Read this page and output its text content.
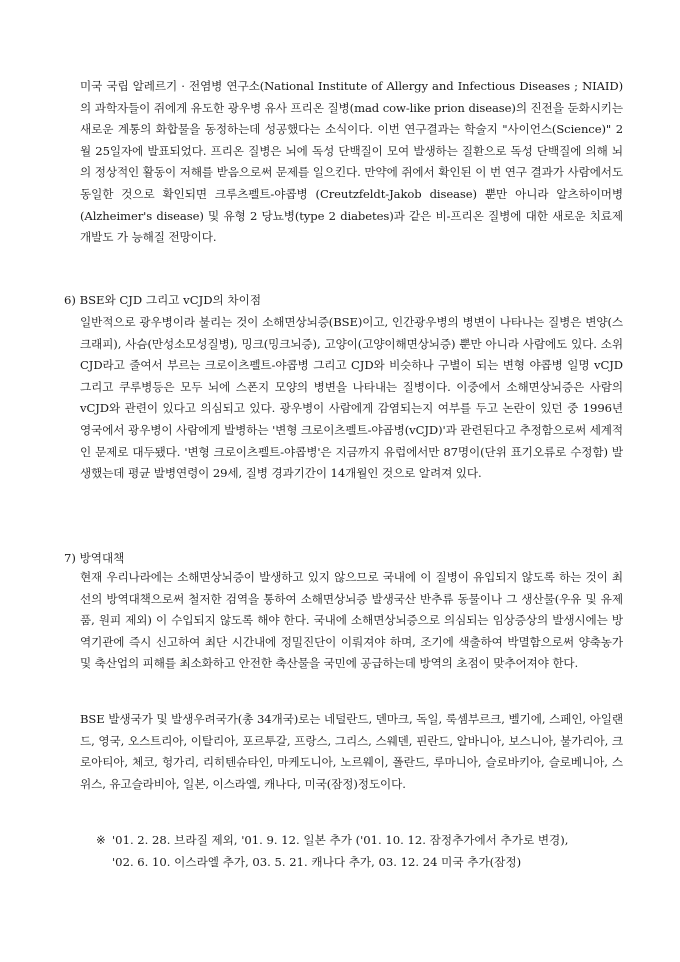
미국 국립 알레르기 · 전염병 연구소(National Institute of Allergy and Infectious Diseases ; NIAID)의 과학자들이 쥐에게 유도한 광우병 유사 프리온 질병(mad cow-like prion disease)의 진전을 둔화시키는 새로운 계통의 화합물을 동정하는데 성공했다는 소식이다. 이번 연구결과는 학술지 "사이언스(Science)" 2월 25일자에 발표되었다. 프리온 질병은 뇌에 독성 단백질이 모여 발생하는 질환으로 독성 단백질에 의해 뇌의 정상적인 활동이 저해를 받음으로써 문제를 일으킨다. 만약에 쥐에서 확인된 이 번 연구 결과가 사람에서도 동일한 것으로 확인되면 크루츠펠트-야콥병 (Creutzfeldt-Jakob disease) 뿐만 아니라 알츠하이머병(Alzheimer's disease) 및 유형 2 당뇨병(type 2 diabetes)과 같은 비-프리온 질병에 대한 새로운 치료제 개발도 가 능해질 전망이다.

6) BSE와 CJD 그리고 vCJD의 차이점

일반적으로 광우병이라 불리는 것이 소해면상뇌증(BSE)이고, 인간광우병의 병변이 나타나는 질병은 변양(스크래피), 사슴(만성소모성질병), 밍크(밍크뇌증), 고양이(고양이해면상뇌증) 뿐만 아니라 사람에도 있다. 소위 CJD라고 줄여서 부르는 크로이츠펠트-야콥병 그리고 CJD와 비슷하나 구별이 되는 변형 야콥병 일명 vCJD 그리고 쿠루병등은 모두 뇌에 스폰지 모양의 병변을 나타내는 질병이다. 이중에서 소해면상뇌증은 사람의 vCJD와 관련이 있다고 의심되고 있다. 광우병이 사람에게 감염되는지 여부를 두고 논란이 있던 중 1996년 영국에서 광우병이 사람에게 발병하는 '변형 크로이츠펠트-야곱병(vCJD)'과 관련된다고 추정함으로써 세계적인 문제로 대두됐다. '변형 크로이츠펠트-야콥병'은 지금까지 유럽에서만 87명이(단위 표기오류로 수정함) 발생했는데 평균 발병연령이 29세, 질병 경과기간이 14개월인 것으로 알려져 있다.

7) 방역대책

현재 우리나라에는 소해면상뇌증이 발생하고 있지 않으므로 국내에 이 질병이 유입되지 않도록 하는 것이 최선의 방역대책으로써 철저한 검역을 통하여 소해면상뇌증 발생국산 반추류 동물이나 그 생산물(우유 및 유제품, 원피 제외) 이 수입되지 않도록 해야 한다. 국내에 소해면상뇌증으로 의심되는 임상증상의 발생시에는 방역기관에 즉시 신고하여 최단 시간내에 정밀진단이 이뤄져야 하며, 조기에 색출하여 박멸함으로써 양축농가 및 축산업의 피해를 최소화하고 안전한 축산물을 국민에 공급하는데 방역의 초점이 맞추어져야 한다.

BSE 발생국가 및 발생우려국가(총 34개국)로는 네덜란드, 덴마크, 독일, 룩셈부르크, 벨기에, 스페인, 아일랜드, 영국, 오스트리아, 이탈리아, 포르투갈, 프랑스, 그리스, 스웨덴, 핀란드, 알바니아, 보스니아, 불가리아, 크로아티아, 체코, 헝가리, 리히텐슈타인, 마케도니아, 노르웨이, 폴란드, 루마니아, 슬로바키아, 슬로베니아, 스위스, 유고슬라비아, 일본, 이스라엘, 캐나다, 미국(잠정)정도이다.

※ '01. 2. 28. 브라질 제외, '01. 9. 12. 일본 추가 ('01. 10. 12. 잠정추가에서 추가로 변경),
'02. 6. 10. 이스라엘 추가, 03. 5. 21. 캐나다 추가, 03. 12. 24 미국 추가(잠정)
